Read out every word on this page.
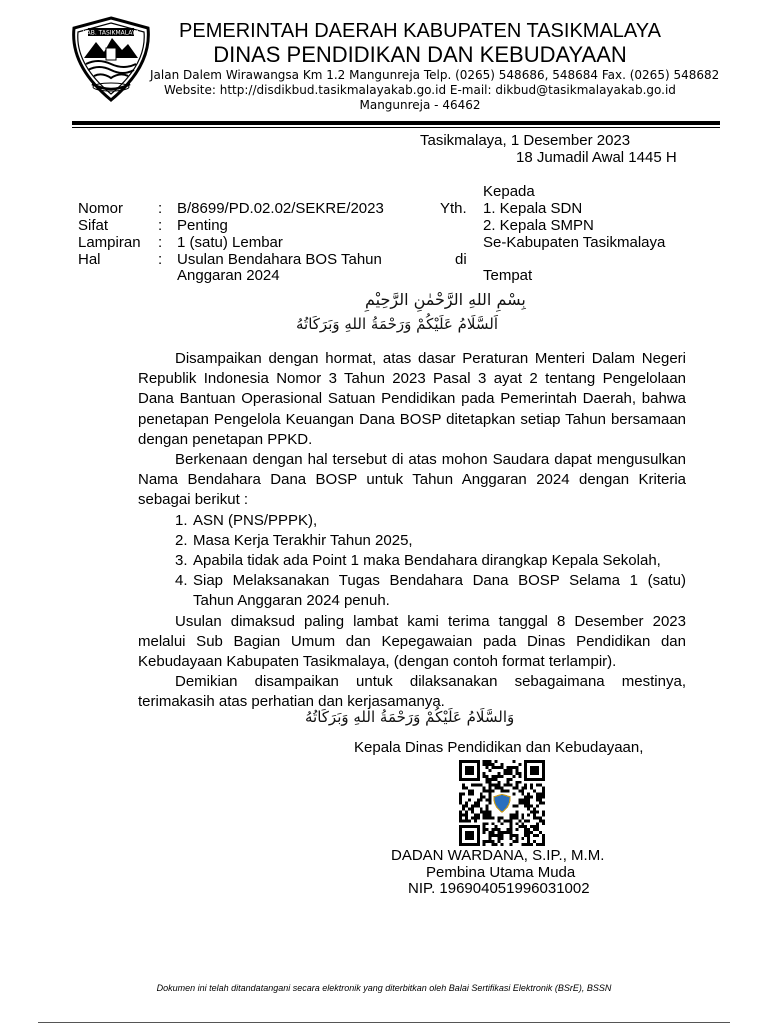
KAB. TASIKMALAYA	PEMERINTAH DAERAH KABUPATEN TASIKMALAYA
DINAS PENDIDIKAN DAN KEBUDAYAAN
Jalan Dalem Wirawangsa Km 1.2 Mangunreja Telp. (0265) 548686, 548684 Fax. (0265) 548682
Website: http://disdikbud.tasikmalayakab.go.id E-mail: dikbud@tasikmalayakab.go.id
Mangunreja - 46462
Tasikmalaya, 1 Desember 2023
18 Jumadil Awal 1445 H
Nomor : B/8699/PD.02.02/SEKRE/2023
Sifat	: Penting
Lampiran : 1 (satu) Lembar
Hal	: Usulan Bendahara BOS Tahun
Anggaran 2024
Kepada
Yth. 1. Kepala SDN
2. Kepala SMPN
Se-Kabupaten Tasikmalaya
di
Tempat
بِسْمِ اللهِ الرَّحْمٰنِ الرَّحِيْمِ
اَلسَّلَامُ عَلَيْكُمْ وَرَحْمَةُ اللهِ وَبَرَكَاتُهُ

Disampaikan dengan hormat, atas dasar Peraturan Menteri Dalam Negeri Republik Indonesia Nomor 3 Tahun 2023 Pasal 3 ayat 2 tentang Pengelolaan Dana Bantuan Operasional Satuan Pendidikan pada Pemerintah Daerah, bahwa penetapan Pengelola Keuangan Dana BOSP ditetapkan setiap Tahun bersamaan dengan penetapan PPKD.

Berkenaan dengan hal tersebut di atas mohon Saudara dapat mengusulkan Nama Bendahara Dana BOSP untuk Tahun Anggaran 2024 dengan Kriteria sebagai berikut :

1. ASN (PNS/PPPK),
2. Masa Kerja Terakhir Tahun 2025,
3. Apabila tidak ada Point 1 maka Bendahara dirangkap Kepala Sekolah,
4. Siap Melaksanakan Tugas Bendahara Dana BOSP Selama 1 (satu) Tahun Anggaran 2024 penuh.

Usulan dimaksud paling lambat kami terima tanggal 8 Desember 2023 melalui Sub Bagian Umum dan Kepegawaian pada Dinas Pendidikan dan Kebudayaan Kabupaten Tasikmalaya, (dengan contoh format terlampir).

Demikian disampaikan untuk dilaksanakan sebagaimana mestinya, terimakasih atas perhatian dan kerjasamanya.

وَالسَّلَامُ عَلَيْكُمْ وَرَحْمَةُ اللهِ وَبَرَكَاتُهُ
Kepala Dinas Pendidikan dan Kebudayaan,
DADAN WARDANA, S.IP., M.M.
Pembina Utama Muda
NIP. 196904051996031002
Dokumen ini telah ditandatangani secara elektronik yang diterbitkan oleh Balai Sertifikasi Elektronik (BSrE), BSSN
